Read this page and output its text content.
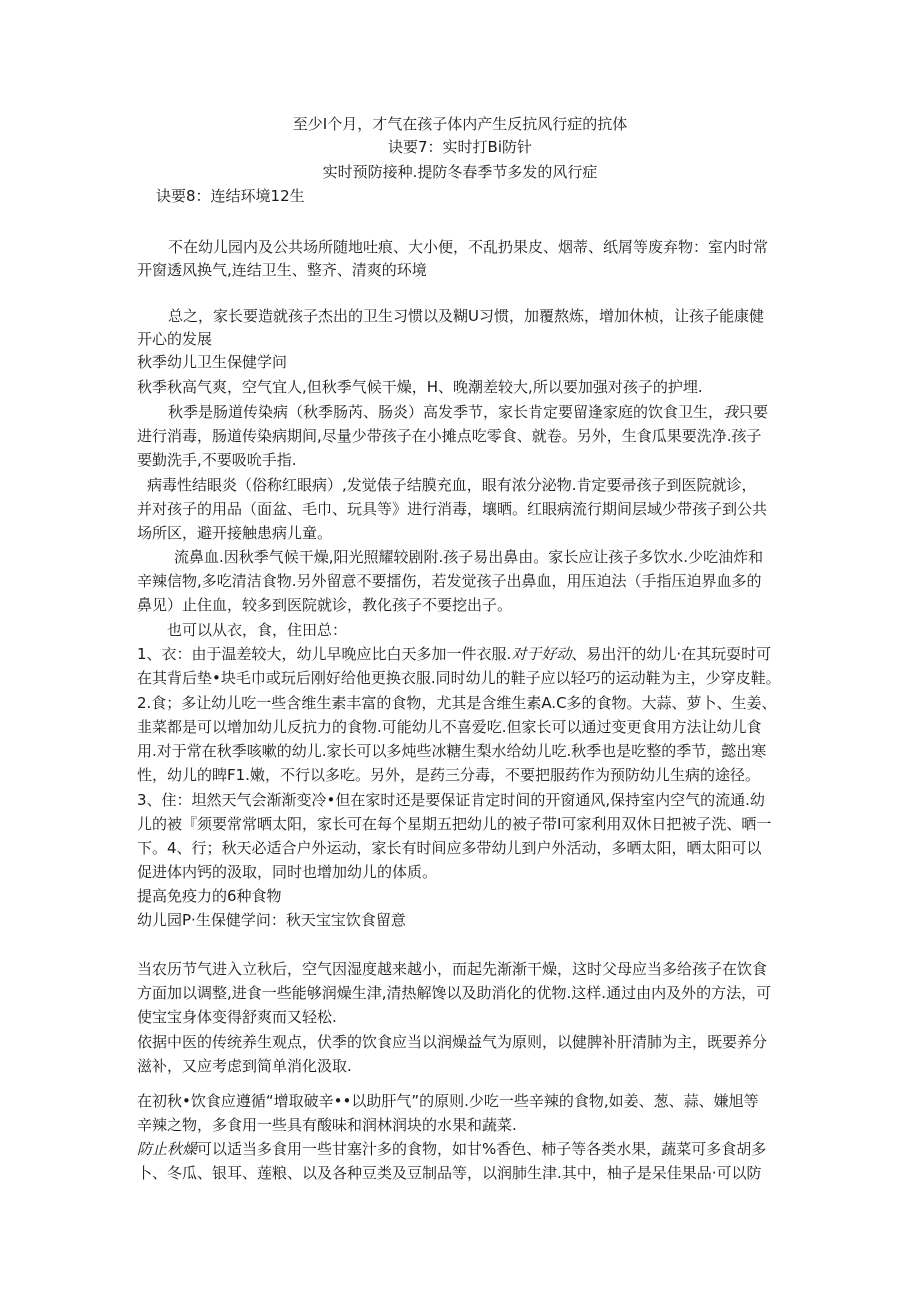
至少I个月，才气在孩子体内产生反抗风行症的抗体

诀要7：实时打Bi防针

实时预防接种.提防冬春季节多发的风行症

诀要8：连结环境12生

不在幼儿园内及公共场所随地吐痕、大小便，不乱扔果皮、烟蒂、纸屑等废弃物：室内时常

开窗透风换气,连结卫生、整齐、清爽的环境

总之，家长要造就孩子杰出的卫生习惯以及糊U习惯，加覆熬炼，增加休桢，让孩子能康健

开心的发展

秋季幼儿卫生保健学问

秋季秋高气爽，空气宜人,但秋季气候干燥，H、晚潮差较大,所以要加强对孩子的护埋.

秋季是肠道传染病（秋季肠芮、肠炎）高发季节，家长肯定要留逢家庭的饮食卫生，我只要

进行消毒，肠道传染病期间,尽量少带孩子在小摊点吃零食、就卷。另外，生食瓜果要洗净.孩子

要勤洗手,不要吸吮手指.

病毒性结眼炎（俗称红眼病）,发觉俵子结膜充血，眼有浓分泌物.肯定要帚孩子到医院就诊，

并对孩子的用品（面盆、毛巾、玩具等》进行消毒，壤晒。红眼病流行期间层域少带孩子到公共

场所区，避开接触患病儿童。

流鼻血.因秋季气候干燥,阳光照耀较剧附.孩子易出鼻由。家长应让孩子多饮水.少吃油炸和

辛辣信物,多吃清洁食物.另外留意不要擂伤，若发觉孩子出鼻血，用压迫法（手指压迫界血多的

鼻见）止住血，较多到医院就诊，教化孩子不要挖出子。

也可以从衣，食，住田总：

1、衣：由于温差较大，幼儿早晚应比白天多加一件衣服.对于好动、易出汗的幼儿·在其玩耍时可

在其背后垫•块毛巾或玩后刚好给他更换衣服.同时幼儿的鞋子应以轻巧的运动鞋为主，少穿皮鞋。

2.食；多让幼儿吃一些含维生素丰富的食物，尤其是含维生素A.C多的食物。大蒜、萝卜、生姜、

韭菜都是可以增加幼儿反抗力的食物.可能幼儿不喜爱吃.但家长可以通过变更食用方法让幼儿食

用.对于常在秋季咳嗽的幼儿.家长可以多炖些冰糖生梨水给幼儿吃.秋季也是吃整的季节，懿出寒

性，幼儿的睥F1.嫩，不行以多吃。另外，是药三分毒，不要把服药作为预防幼儿生病的途径。

3、住：坦然天气会渐渐变冷•但在家时还是要保证肯定时间的开窗通风,保持室内空气的流通.幼

儿的被『须要常常晒太阳，家长可在每个星期五把幼儿的被子带I可家利用双休日把被子洗、晒一

下。4、行；秋天必适合户外运动，家长有时间应多带幼儿到户外活动，多晒太阳，晒太阳可以

促进体内钙的汲取，同时也增加幼儿的体质。

提高免疫力的6种食物

幼儿园P·生保健学问：秋天宝宝饮食留意

当农历节气进入立秋后，空气因湿度越来越小，而起先渐渐干燥，这时父母应当多给孩子在饮食

方面加以调整,进食一些能够润燥生津,清热解馋以及助消化的优物.这样.通过由内及外的方法，可

使宝宝身体变得舒爽而又轻松.

依据中医的传统养生观点，伏季的饮食应当以润燥益气为原则，以健脾补肝清肺为主，既要养分

滋补，又应考虑到简单消化汲取.

在初秋•饮食应遵循“增取破辛••以助肝气”的原则.少吃一些辛辣的食物,如姜、葱、蒜、嫌旭等

辛辣之物，多食用一些具有酸味和润林润块的水果和蔬菜.

防止秋燥可以适当多食用一些甘塞汁多的食物，如甘%香色、柿子等各类水果，蔬菜可多食胡多

卜、冬瓜、银耳、莲粮、以及各种豆类及豆制品等，以润肺生津.其中，柚子是呆佳果品·可以防
